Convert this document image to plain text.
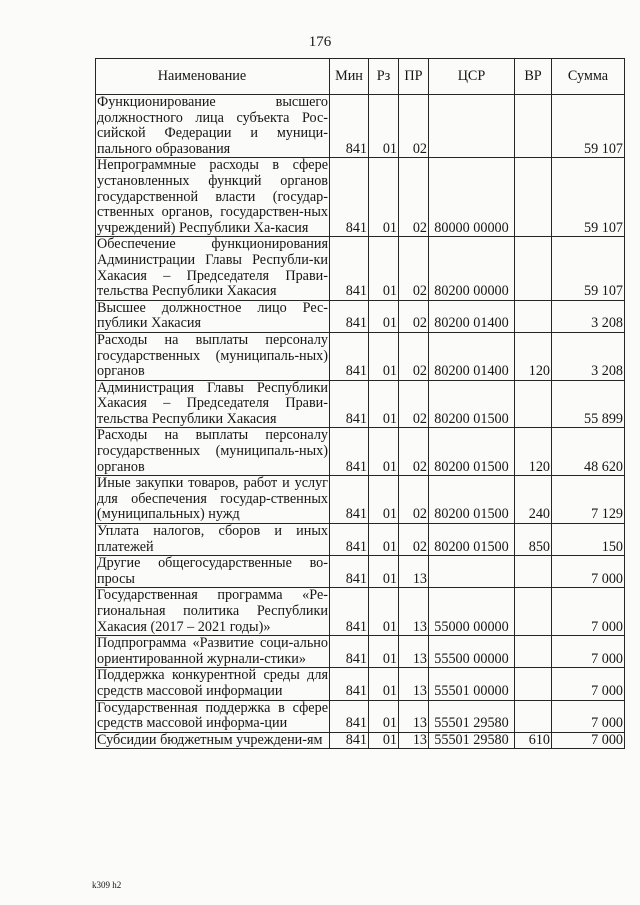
176
Наименование	Мин	Рз	ПР	ЦСР	ВР	Сумма
Функционирование высшего должностного лица субъекта Рос-сийской Федерации и муници-пального образования	841	01	02			59 107
Непрограммные расходы в сфере установленных функций органов государственной власти (государ-ственных органов, государствен-ных учреждений) Республики Ха-касия	841	01	02	80000 00000		59 107
Обеспечение функционирования Администрации Главы Республи-ки Хакасия – Председателя Прави-тельства Республики Хакасия	841	01	02	80200 00000		59 107
Высшее должностное лицо Рес-публики Хакасия	841	01	02	80200 01400		3 208
Расходы на выплаты персоналу государственных (муниципаль-ных) органов	841	01	02	80200 01400	120	3 208
Администрация Главы Республики Хакасия – Председателя Прави-тельства Республики Хакасия	841	01	02	80200 01500		55 899
Расходы на выплаты персоналу государственных (муниципаль-ных) органов	841	01	02	80200 01500	120	48 620
Иные закупки товаров, работ и услуг для обеспечения государ-ственных (муниципальных) нужд	841	01	02	80200 01500	240	7 129
Уплата налогов, сборов и иных платежей	841	01	02	80200 01500	850	150
Другие общегосударственные во-просы	841	01	13			7 000
Государственная программа «Ре-гиональная политика Республики Хакасия (2017 – 2021 годы)»	841	01	13	55000 00000		7 000
Подпрограмма «Развитие соци-ально ориентированной журнали-стики»	841	01	13	55500 00000		7 000
Поддержка конкурентной среды для средств массовой информации	841	01	13	55501 00000		7 000
Государственная поддержка в сфере средств массовой информа-ции	841	01	13	55501 29580		7 000
Субсидии бюджетным учреждени-ям	841	01	13	55501 29580	610	7 000
k309 h2
